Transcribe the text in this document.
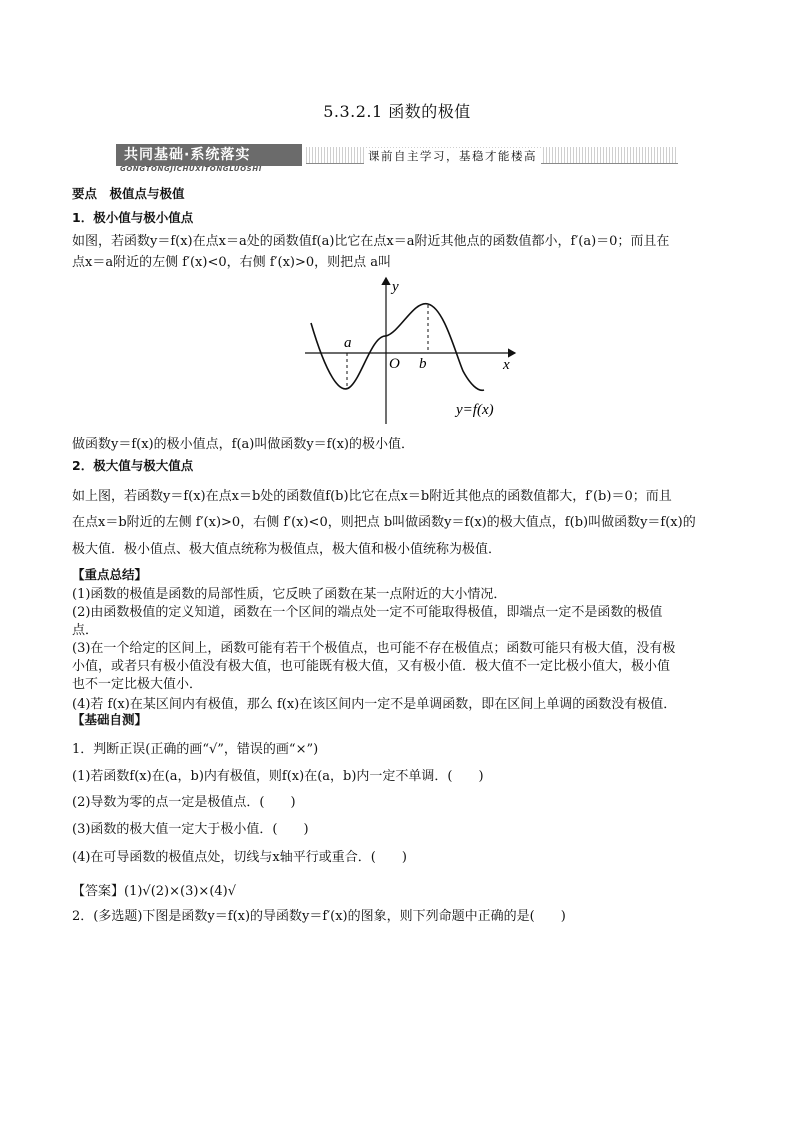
5.3.2.1 函数的极值
共同基础·系统落实
GONGTONGJICHUXITONGLUOSHI
课前自主学习，基稳才能楼高
要点　极值点与极值
1．极小值与极小值点
如图，若函数y＝f(x)在点x＝a处的函数值f(a)比它在点x＝a附近其他点的函数值都小，f′(a)＝0；而且在
点x＝a附近的左侧 f′(x)<0，右侧 f′(x)>0，则把点 a叫
y
x
O
a
b
y=f(x)
做函数y＝f(x)的极小值点，f(a)叫做函数y＝f(x)的极小值．
2．极大值与极大值点
如上图，若函数y＝f(x)在点x＝b处的函数值f(b)比它在点x＝b附近其他点的函数值都大，f′(b)＝0；而且
在点x＝b附近的左侧 f′(x)>0，右侧 f′(x)<0，则把点 b叫做函数y＝f(x)的极大值点，f(b)叫做函数y＝f(x)的
极大值．极小值点、极大值点统称为极值点，极大值和极小值统称为极值．
【重点总结】
(1)函数的极值是函数的局部性质，它反映了函数在某一点附近的大小情况．
(2)由函数极值的定义知道，函数在一个区间的端点处一定不可能取得极值，即端点一定不是函数的极值
点．
(3)在一个给定的区间上，函数可能有若干个极值点，也可能不存在极值点；函数可能只有极大值，没有极
小值，或者只有极小值没有极大值，也可能既有极大值，又有极小值．极大值不一定比极小值大，极小值
也不一定比极大值小．
(4)若 f(x)在某区间内有极值，那么 f(x)在该区间内一定不是单调函数，即在区间上单调的函数没有极值．
【基础自测】
1．判断正误(正确的画“√”，错误的画“×”)
(1)若函数f(x)在(a，b)内有极值，则f(x)在(a，b)内一定不单调．(　　)
(2)导数为零的点一定是极值点．(　　)
(3)函数的极大值一定大于极小值．(　　)
(4)在可导函数的极值点处，切线与x轴平行或重合．(　　)
【答案】(1)√(2)×(3)×(4)√
2．(多选题)下图是函数y＝f(x)的导函数y＝f′(x)的图象，则下列命题中正确的是(　　)
